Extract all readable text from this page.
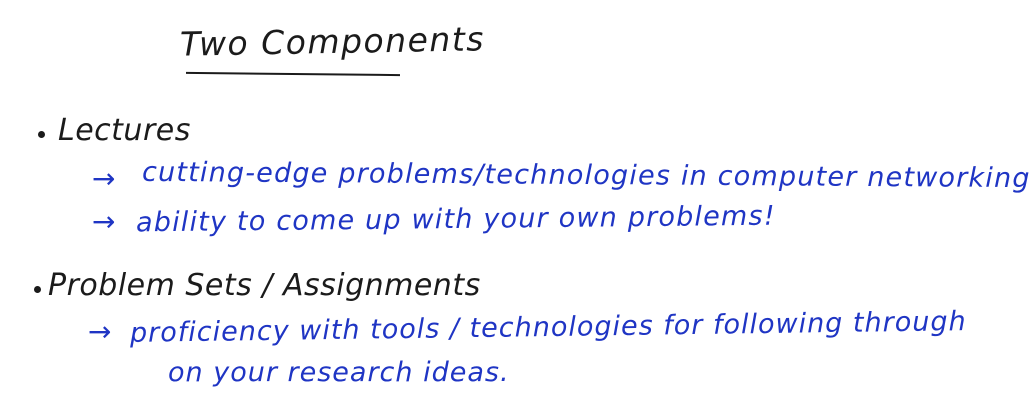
Two Components
Lectures
→ cutting-edge problems/technologies in computer networking
→ ability to come up with your own problems!
Problem Sets / Assignments
→ proficiency with tools / technologies for following through
on your research ideas.
